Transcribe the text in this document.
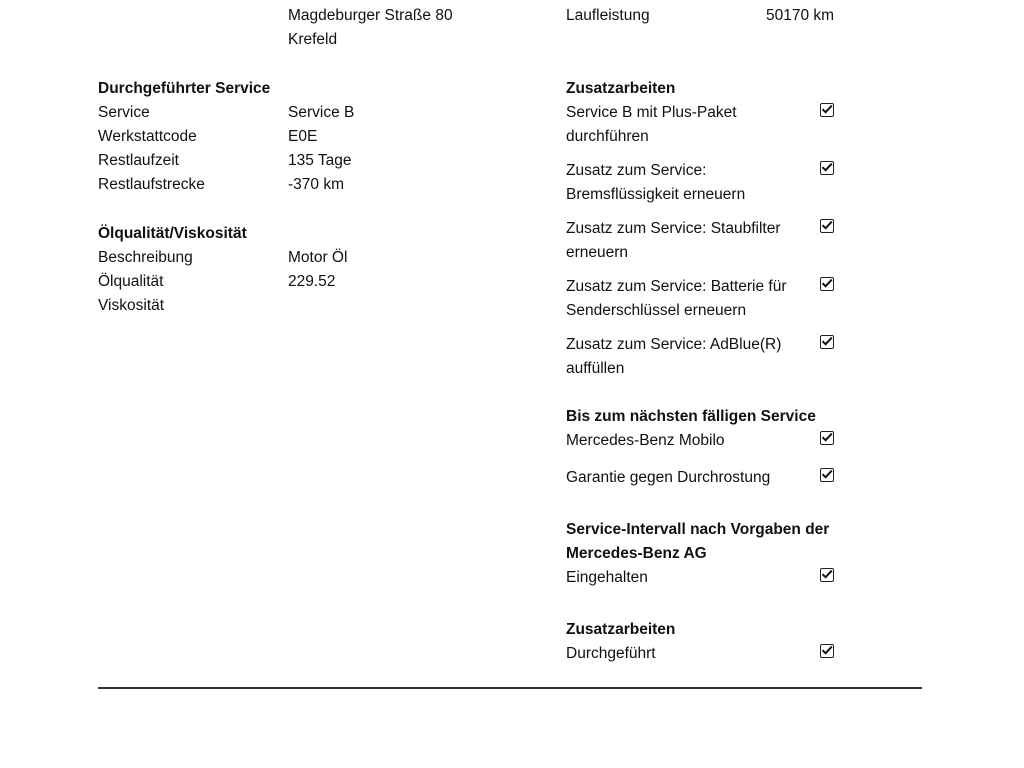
Magdeburger Straße 80
Krefeld
Durchgeführter Service
Service	Service B
Werkstattcode	E0E
Restlaufzeit	135 Tage
Restlaufstrecke	-370 km
Ölqualität/Viskosität
Beschreibung	Motor Öl
Ölqualität	229.52
Viskosität
Laufleistung	50170 km
Zusatzarbeiten
Service B mit Plus-Paket durchführen
Zusatz zum Service: Bremsflüssigkeit erneuern
Zusatz zum Service: Staubfilter erneuern
Zusatz zum Service: Batterie für Senderschlüssel erneuern
Zusatz zum Service: AdBlue(R) auffüllen
Bis zum nächsten fälligen Service
Mercedes-Benz Mobilo
Garantie gegen Durchrostung
Service-Intervall nach Vorgaben der Mercedes-Benz AG
Eingehalten
Zusatzarbeiten
Durchgeführt
